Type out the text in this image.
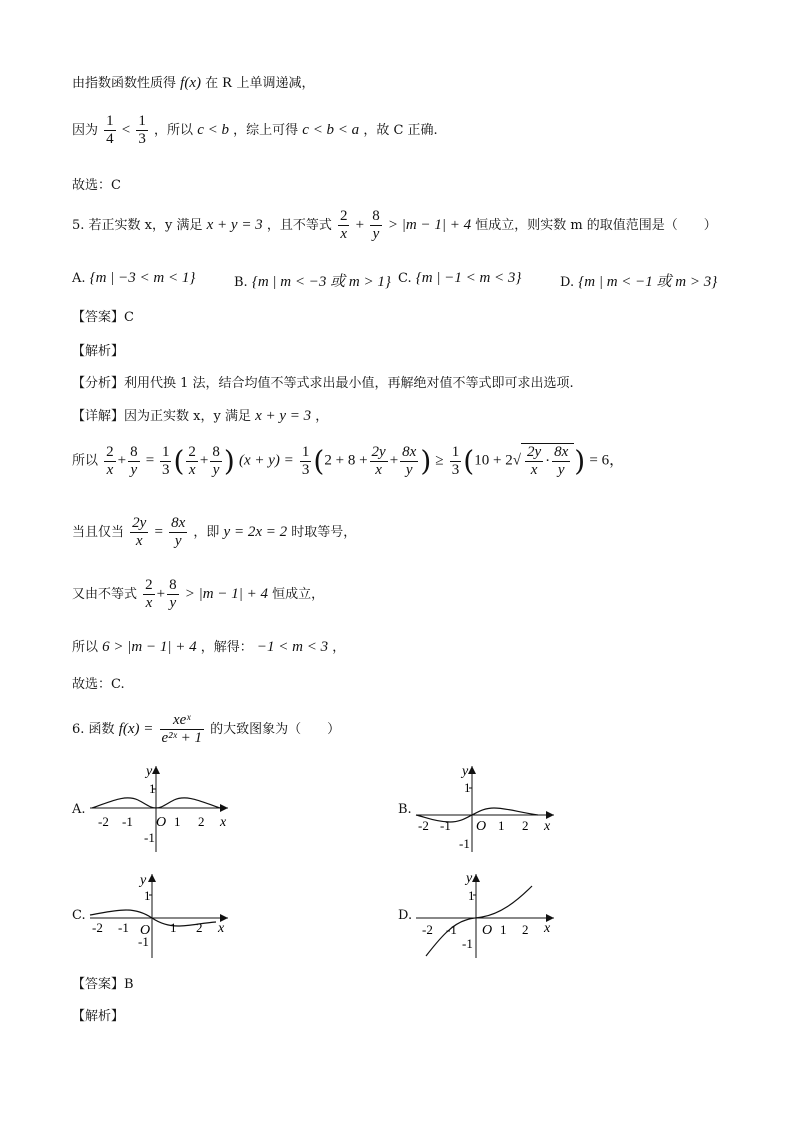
由指数函数性质得 f(x) 在 R 上单调递减，
因为 $\frac{1}{4} < \frac{1}{3}$ ，所以 c < b ，综上可得 c < b < a ，故 C 正确.
故选：C
5. 若正实数 x，y 满足 x + y = 3 ，且不等式 $\frac{2}{x} + \frac{8}{y} > |m - 1| + 4$ 恒成立，则实数 m 的取值范围是（　　）
A. {m | −3 < m < 1}	B. {m | m < −3 或 m > 1} C. {m | −1 < m < 3}	D. {m | m < −1 或 m > 3}
【答案】C
【解析】
【分析】利用代换 1 法，结合均值不等式求出最小值，再解绝对值不等式即可求出选项.
【详解】因为正实数 x，y 满足 x + y = 3 ，
所以 $\frac{2}{x} + \frac{8}{y} = \frac{1}{3}$ ( $\frac{2}{x} + \frac{8}{y}$ ) $(x + y) = \frac{1}{3} (2 + 8 + \frac{2y}{x} + \frac{8x}{y}$ ) ≥ $\frac{1}{3} (10 + 2√ \frac{2y}{x} \cdot \frac{8x}{y}$ ) = 6，
当且仅当 $\frac{2y}{x} = \frac{8x}{y}$ ，即 y = 2x = 2 时取等号，
又由不等式 $\frac{2}{x} + \frac{8}{y} > |m - 1| + 4$ 恒成立，
所以 6 > |m − 1| + 4 ，解得： −1 < m < 3 ，
故选：C.
6. 函数 $f(x) = \frac{\text{xeˣ}}{\text{e²ˣ + 1}}$ 的大致图象为（　　）
y
1
-1
x
O
-2 -1	1 2
A.
y
1
-1
x
O
-2 -1	1 2
B.
y
1
-1
x
O
-2 -1	1 2
C.
y
1
-1
x
O
-2 -1	1 2
D.
【答案】B
【解析】
